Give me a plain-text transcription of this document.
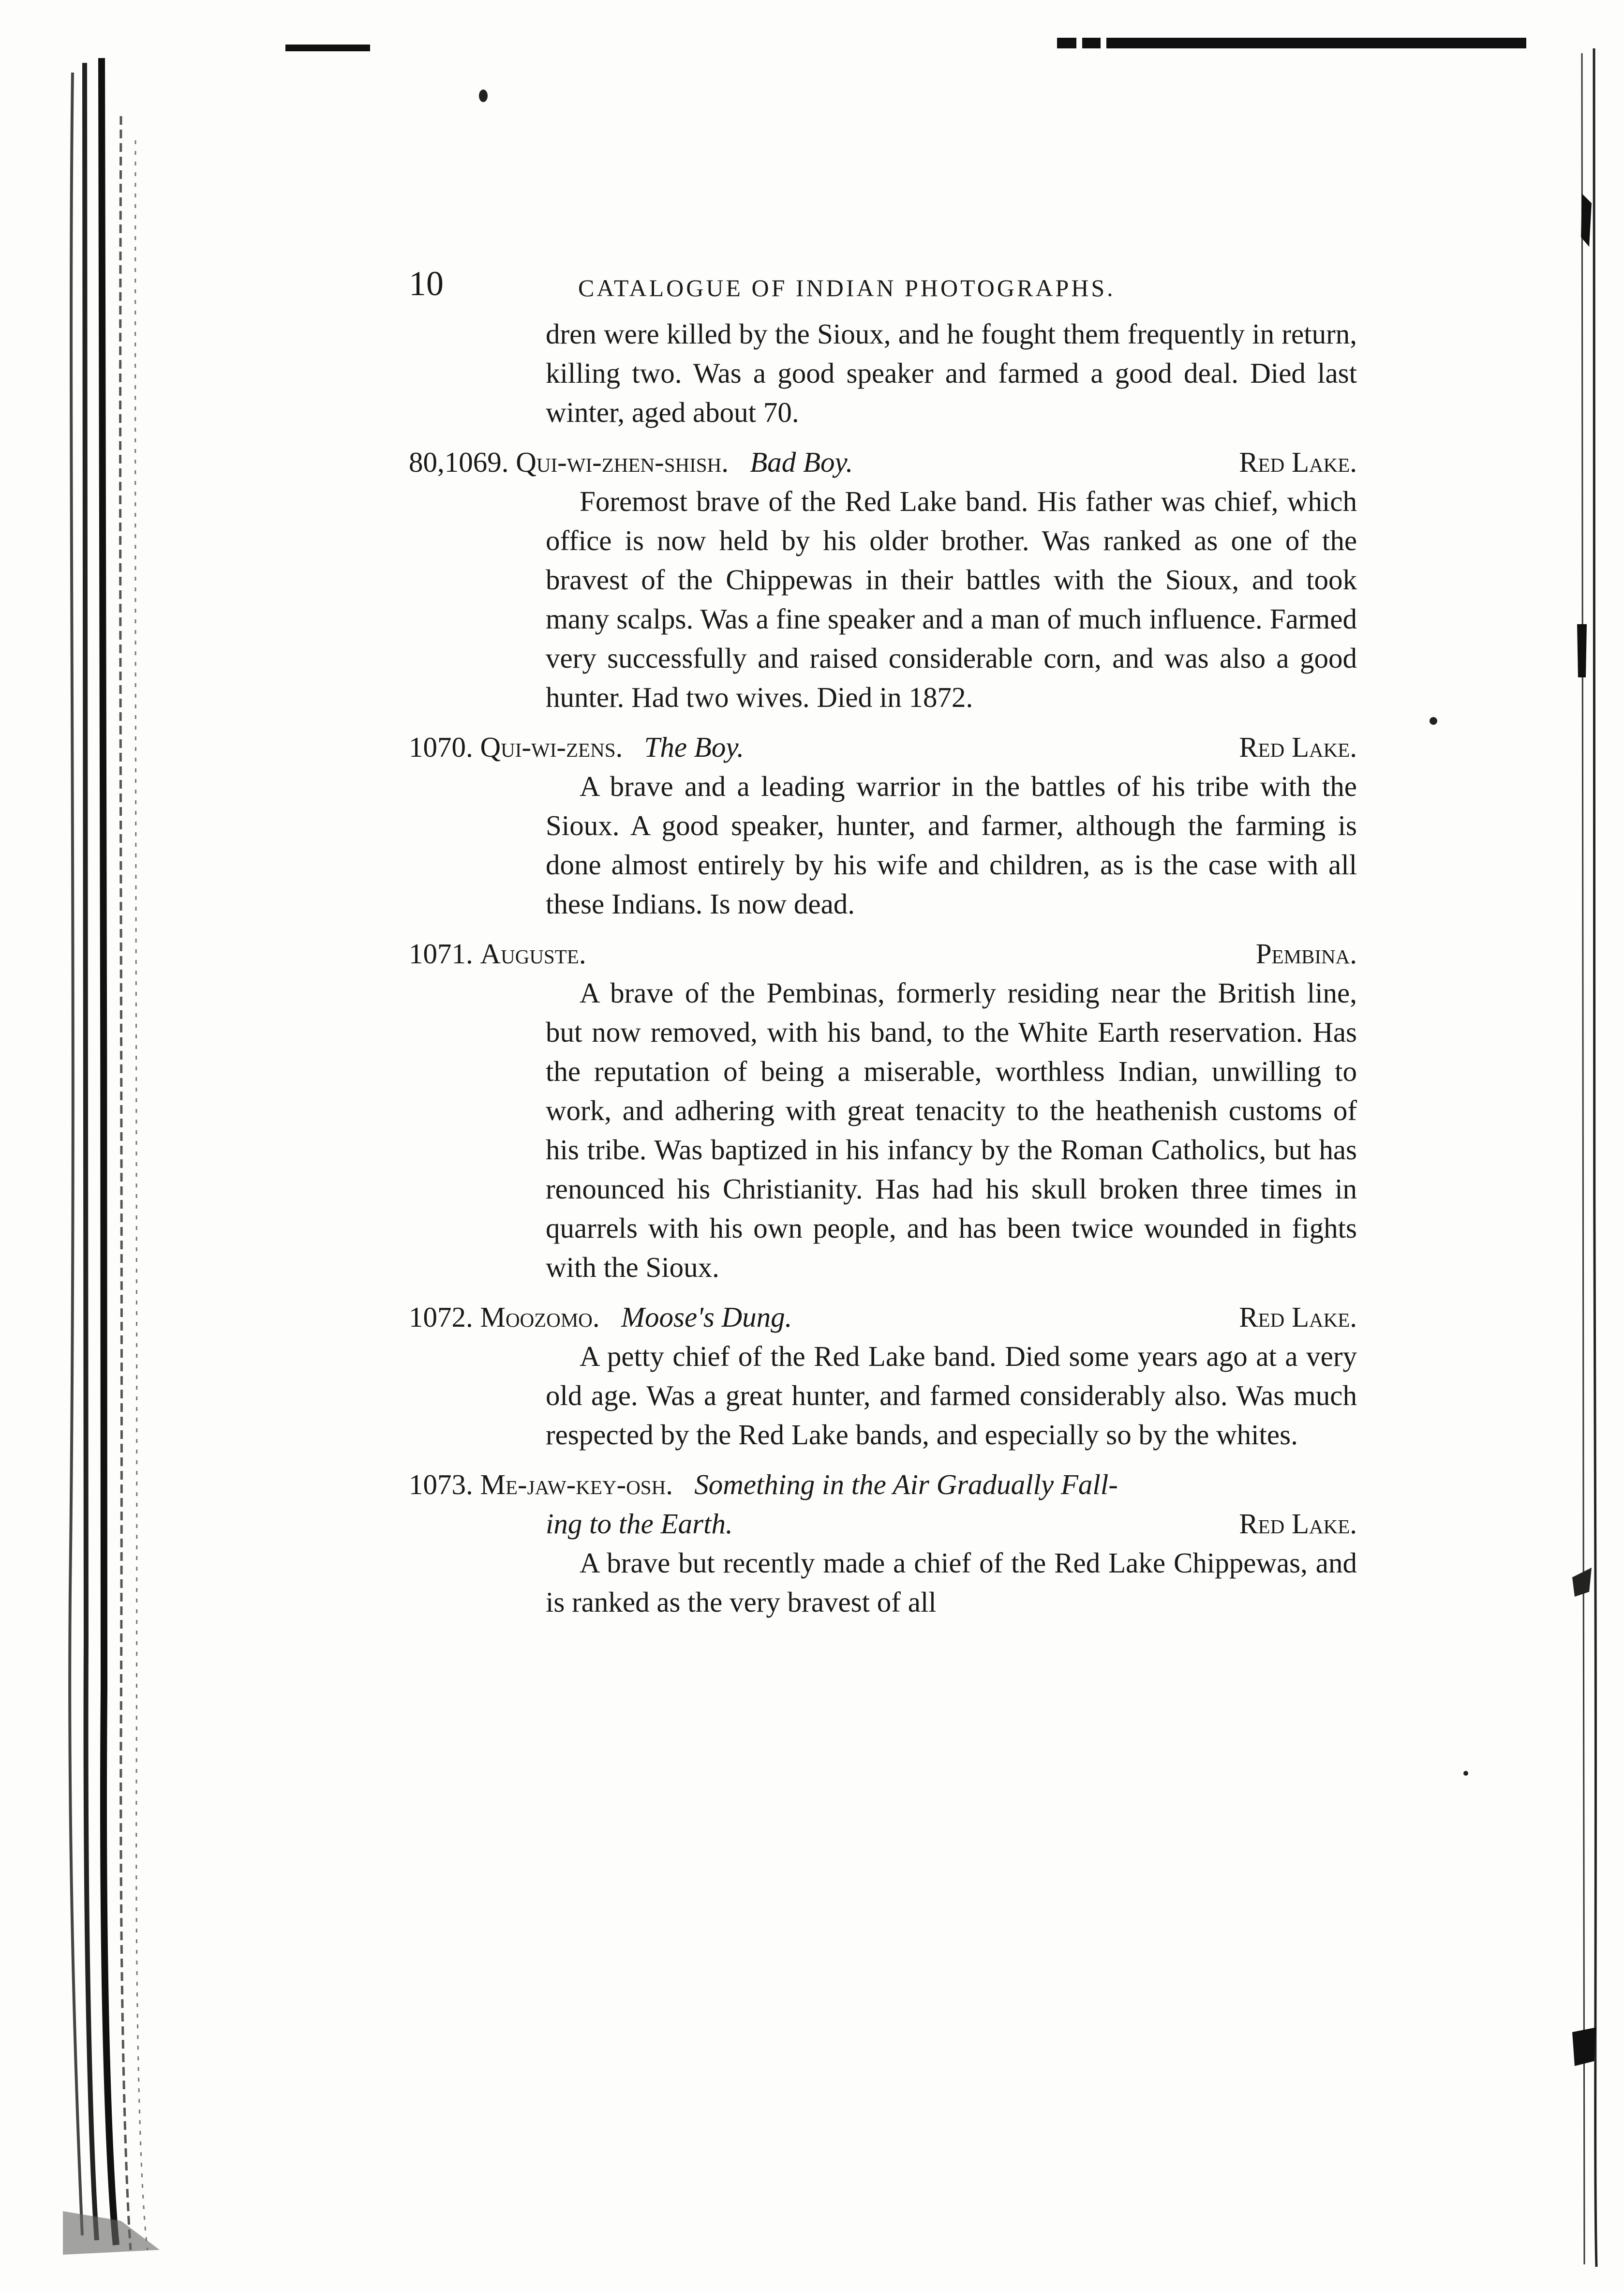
10	CATALOGUE OF INDIAN PHOTOGRAPHS.

dren were killed by the Sioux, and he fought them frequently in return, killing two. Was a good speaker and farmed a good deal. Died last winter, aged about 70.

80,1069. Qui-wi-zhen-shish. Bad Boy.	Red Lake.

Foremost brave of the Red Lake band. His father was chief, which office is now held by his older brother. Was ranked as one of the bravest of the Chippewas in their battles with the Sioux, and took many scalps. Was a fine speaker and a man of much influence. Farmed very successfully and raised considerable corn, and was also a good hunter. Had two wives. Died in 1872.

1070. Qui-wi-zens. The Boy.	Red Lake.

A brave and a leading warrior in the battles of his tribe with the Sioux. A good speaker, hunter, and farmer, although the farming is done almost entirely by his wife and children, as is the case with all these Indians. Is now dead.

1071. Auguste.	Pembina.

A brave of the Pembinas, formerly residing near the British line, but now removed, with his band, to the White Earth reservation. Has the reputation of being a miserable, worthless Indian, unwilling to work, and adhering with great tenacity to the heathenish customs of his tribe. Was baptized in his infancy by the Roman Catholics, but has renounced his Christianity. Has had his skull broken three times in quarrels with his own people, and has been twice wounded in fights with the Sioux.

1072. Moozomo. Moose's Dung.	Red Lake.

A petty chief of the Red Lake band. Died some years ago at a very old age. Was a great hunter, and farmed considerably also. Was much respected by the Red Lake bands, and especially so by the whites.

1073. Me-jaw-key-osh. Something in the Air Gradually Fall-
ing to the Earth.	Red Lake.

A brave but recently made a chief of the Red Lake Chippewas, and is ranked as the very bravest of all
